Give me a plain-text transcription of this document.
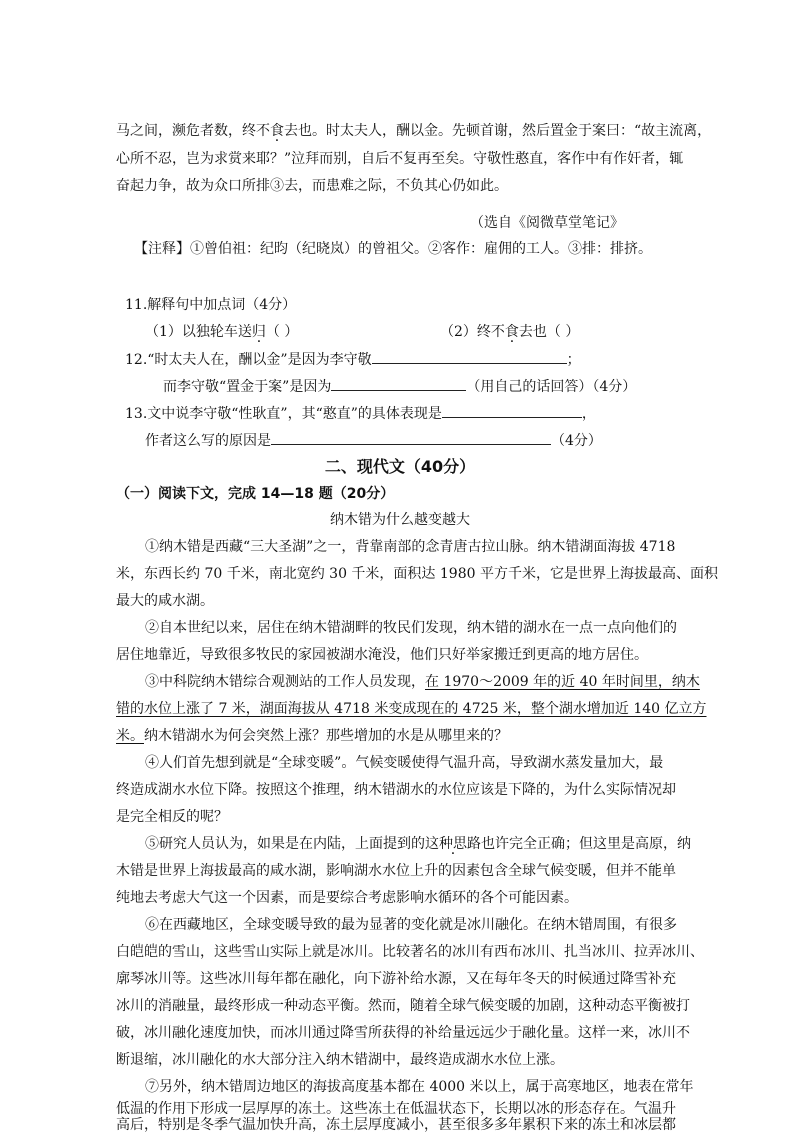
马之间，濒危者数，终不食去也。时太夫人，酬以金。先顿首谢，然后置金于案曰：“故主流离，
心所不忍，岂为求赏来耶？”泣拜而别，自后不复再至矣。守敬性憨直，客作中有作奸者，辄
奋起力争，故为众口所排③去，而患难之际，不负其心仍如此。
（选自《阅微草堂笔记》
【注释】①曾伯祖：纪昀（纪晓岚）的曾祖父。②客作：雇佣的工人。③排：排挤。
11.解释句中加点词（4分）
（1）以独轮车送归（ ）	（2）终不食去也（ ）
12.“时太夫人在，酬以金”是因为李守敬	；
而李守敬“置金于案”是因为	（用自己的话回答）（4分）
13.文中说李守敬“性耿直”，其“憨直”的具体表现是	，
作者这么写的原因是	（4分）
二、现代文（40分）
（一）阅读下文，完成 14—18 题（20分）
纳木错为什么越变越大
①纳木错是西藏“三大圣湖”之一，背靠南部的念青唐古拉山脉。纳木错湖面海拔 4718
米，东西长约 70 千米，南北宽约 30 千米，面积达 1980 平方千米，它是世界上海拔最高、面积
最大的咸水湖。
②自本世纪以来，居住在纳木错湖畔的牧民们发现，纳木错的湖水在一点一点向他们的
居住地靠近，导致很多牧民的家园被湖水淹没，他们只好举家搬迁到更高的地方居住。
③中科院纳木错综合观测站的工作人员发现，在 1970～2009 年的近 40 年时间里，纳木
错的水位上涨了 7 米，湖面海拔从 4718 米变成现在的 4725 米，整个湖水增加近 140 亿立方
米。纳木错湖水为何会突然上涨？那些增加的水是从哪里来的？
④人们首先想到就是“全球变暖”。气候变暖使得气温升高，导致湖水蒸发量加大，最
终造成湖水水位下降。按照这个推理，纳木错湖水的水位应该是下降的，为什么实际情况却
是完全相反的呢？
⑤研究人员认为，如果是在内陆，上面提到的这种思路也许完全正确；但这里是高原，纳
木错是世界上海拔最高的咸水湖，影响湖水水位上升的因素包含全球气候变暖，但并不能单
纯地去考虑大气这一个因素，而是要综合考虑影响水循环的各个可能因素。
⑥在西藏地区，全球变暖导致的最为显著的变化就是冰川融化。在纳木错周围，有很多
白皑皑的雪山，这些雪山实际上就是冰川。比较著名的冰川有西布冰川、扎当冰川、拉弄冰川、
廓琴冰川等。这些冰川每年都在融化，向下游补给水源，又在每年冬天的时候通过降雪补充
冰川的消融量，最终形成一种动态平衡。然而，随着全球气候变暖的加剧，这种动态平衡被打
破，冰川融化速度加快，而冰川通过降雪所获得的补给量远远少于融化量。这样一来，冰川不
断退缩，冰川融化的水大部分注入纳木错湖中，最终造成湖水水位上涨。
⑦另外，纳木错周边地区的海拔高度基本都在 4000 米以上，属于高寒地区，地表在常年
低温的作用下形成一层厚厚的冻土。这些冻土在低温状态下，长期以冰的形态存在。气温升
高后，特别是冬季气温加快升高，冻土层厚度减小，甚至很多多年累积下来的冻土和冰层都
